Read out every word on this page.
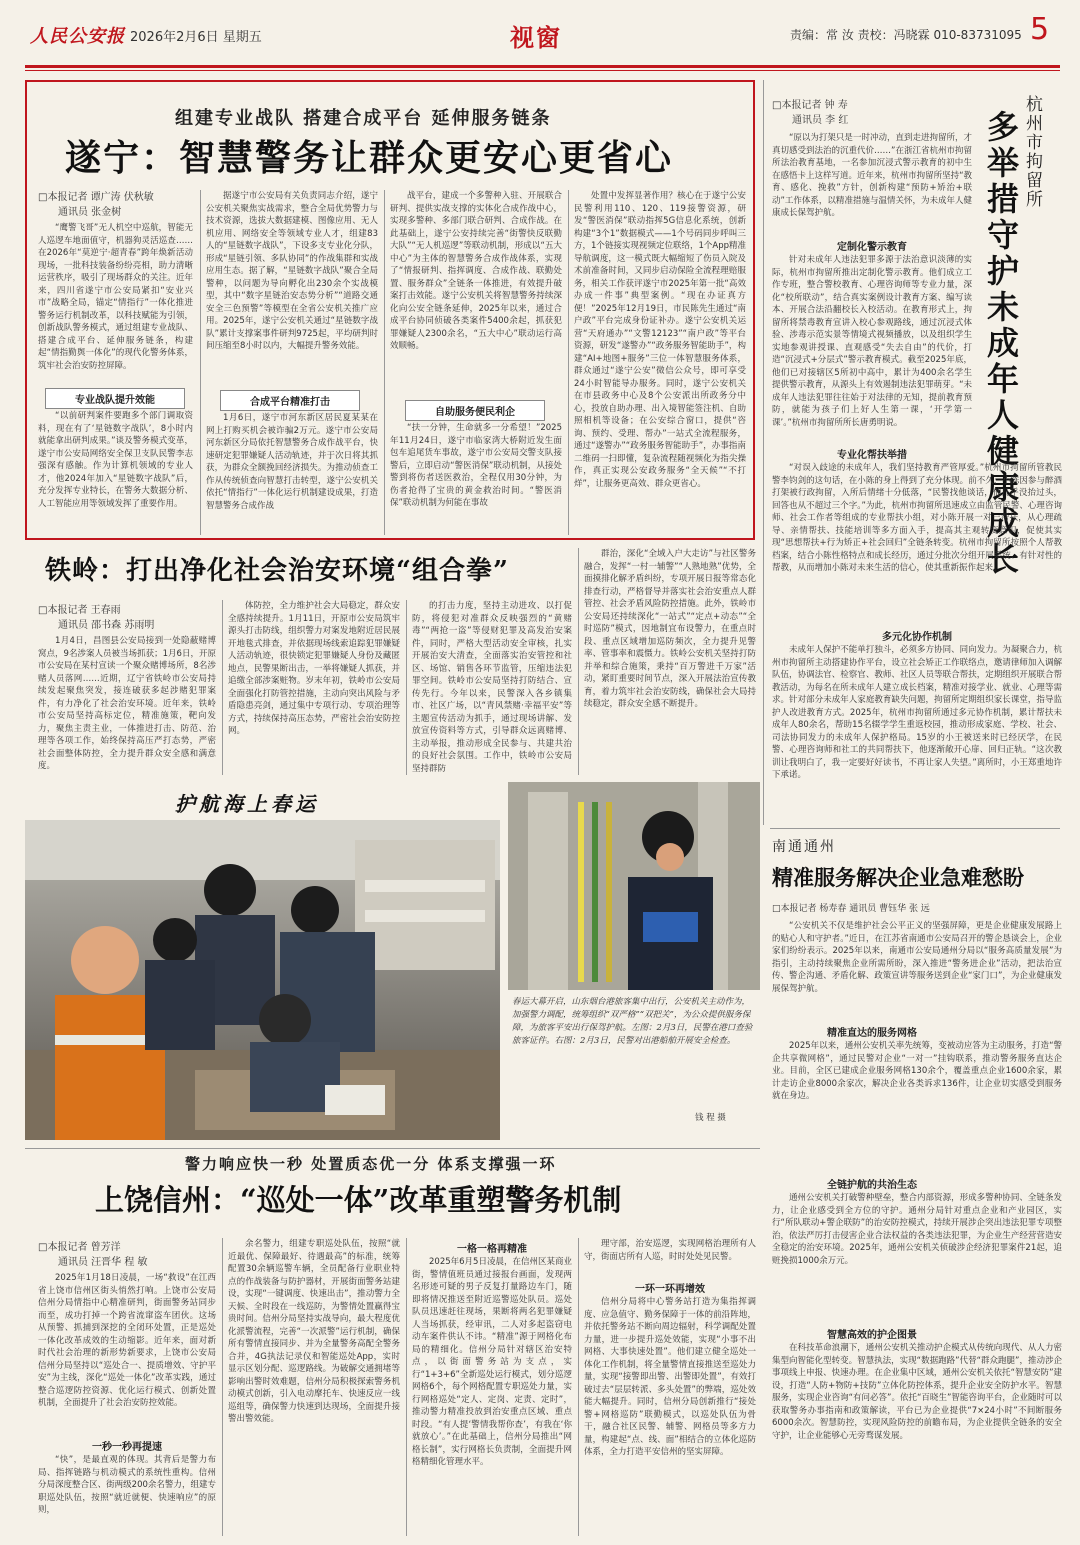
人民公安报 2026年2月6日 星期五	视窗	责编：常 汝 责校：冯晓霖 010-83731095 5
组建专业战队 搭建合成平台 延伸服务链条
遂宁：智慧警务让群众更安心更省心
□本报记者 谭广涛 伏秋敏
通讯员 张金树

“鹰警飞哥”无人机空中巡航，智能无人巡逻车地面值守，机器狗灵活巡查……在2026年“莫逆宁·超青春”跨年焕新活动现场，一批科技装备纷纷亮相，助力清晰运营秩序，吸引了现场群众的关注。近年来，四川省遂宁市公安局紧扣“安业兴市”战略全局，锚定“情指行”一体化推进警务运行机制改革，以科技赋能为引领，创新战队警务模式，通过组建专业战队、搭建合成平台、延伸服务链条，构建起“情指勤舆一体化”的现代化警务体系，筑牢社会治安防控屏障。

专业战队提升效能

“以前研判案件要跑多个部门调取资料，现在有了‘星链数字战队’，8小时内就能拿出研判成果。”谈及警务模式变革，遂宁市公安局网络安全保卫支队民警李志强深有感触。作为计算机领域的专业人才，他2024年加入“星链数字战队”后，充分发挥专业特长，在警务大数据分析、人工智能应用等领域发挥了重要作用。

据遂宁市公安局有关负责同志介绍，遂宁公安机关聚焦实战需求，整合全局优势警力与技术资源，选拔大数据建模、图像应用、无人机应用、网络安全等领域专业人才，组建83人的“星链数字战队”，下设多支专业化分队，形成“星链引领、多队协同”的作战集群和实战应用生态。据了解，“星链数字战队”聚合全局警种，以问题为导向孵化出230余个实战模型，其中“数字星链治安态势分析”“道路交通安全三色预警”等模型在全省公安机关推广应用。2025年，遂宁公安机关通过“星链数字战队”累计支撑案事件研判9725起，平均研判时间压缩至8小时以内，大幅提升警务效能。

合成平台精准打击

1月6日，遂宁市河东新区居民夏某某在网上打购买机会被诈骗2万元。遂宁市公安局河东新区分局依托智慧警务合成作战平台，快速研定犯罪嫌疑人活动轨迹，并于次日将其抓获，为群众全额挽回经济损失。为推动侦查工作从传统侦查向智慧打击转型，遂宁公安机关依托“情指行”一体化运行机制建设成果，打造智慧警务合成作战

战平台，建成一个多警种入驻、开展联合研判、提供实战支撑的实体化合成作战中心，实现多警种、多部门联合研判、合成作战。在此基础上，遂宁公安持续完善“街警快反联勤大队”“无人机巡逻”等联动机制，形成以“五大中心”为主体的智慧警务合成作战体系，实现了“情报研判、指挥调度、合成作战、联勤处置、服务群众”全链条一体推进，有效提升破案打击效能。遂宁公安机关将智慧警务持续深化向公安全链条延伸，2025年以来，通过合成平台协同侦破各类案件5400余起，抓获犯罪嫌疑人2300余名，“五大中心”联动运行高效顺畅。

自助服务便民利企

“扶一分钟，生命就多一分希望！”2025年11月24日，遂宁市临家湾大桥附近发生面包车追尾货车事故，遂宁市公安局交警支队接警后，立即启动“警医消保”联动机制，从接处警到将伤者送医救治，全程仅用30分钟，为伤者抢得了宝贵的黄金救治时间。“警医消保”联动机制为何能在事故

处置中发挥显著作用？核心在于遂宁公安民警利用110、120、119接警资源，研发“警医消保”联动指挥5G信息化系统，创新构建“3个1”数据模式——1个号码同步呼叫三方，1个链接实现视频定位联络，1个App精准导航调度，这一模式既大幅缩短了伤员入院及术前准备时间，又同步启动保险全流程理赔服务，相关工作获评遂宁市2025年第一批“高效办成一件事”典型案例。“现在办证真方便！”2025年12月19日，市民陈先生通过“南户政”平台完成身份证补办。遂宁公安机关运营“天府通办”“文警12123”“南户政”等平台资源，研发“遂警办”“政务服务智能助手”，构建“AI+地图+服务”三位一体智慧服务体系，群众通过“遂宁公安”微信公众号，即可享受24小时智能导办服务。同时，遂宁公安机关在市县政务中心及8个公安派出所政务分中心，投放自助办理、出入境智能签注机、自助照相机等设备；在公安综合窗口，提供“咨询、预约、受理、帮办”一站式全流程服务，通过“遂警办”“政务服务智能助手”，办事指南二维码一扫即懂，复杂流程随视频化为指尖操作，真正实现公安政务服务“全天候”“不打烊”，让服务更高效、群众更省心。

杭州市拘留所
多举措守护未成年人健康成长
□本报记者 钟 寿
通讯员 李 红

“原以为打架只是一时冲动，直到走进拘留所，才真切感受到法治的沉重代价……”在浙江省杭州市拘留所法治教育基地，一名参加沉浸式警示教育的初中生在感悟卡上这样写道。近年来，杭州市拘留所坚持“教育、感化、挽救”方针，创新构建“预防+矫治+联动”工作体系，以精准措施与温情关怀，为未成年人健康成长保驾护航。

定制化警示教育

针对未成年人违法犯罪多源于法治意识淡薄的实际，杭州市拘留所推出定制化警示教育。他们成立工作专班，整合警校教育、心理咨询师等专业力量，深化“校所联动”，结合真实案例设计教育方案、编写读本、开展合法沿翻校长入校活动。在教育形式上，拘留所将禁毒教育宣讲入校心参观路线，通过沉浸式体验、涉毒示范实景等情境式视频播放，以及组织学生实地参观讲授课、直观感受“失去自由”的代价，打造“沉浸式+分层式”警示教育模式。截至2025年底，他们已对接辖区5所初中高中，累计为400余名学生提供警示教育，从源头上有效遏制违法犯罪萌芽。“未成年人违法犯罪往往始于对法律的无知，提前教育预防，就能为孩子们上好人生第一课，‘开学第一课’。”杭州市拘留所所长唐勇明说。

专业化帮扶举措

“对误入歧途的未成年人，我们坚持教育严管厚爱。”杭州市拘留所管教民警李钧剑的这句话，在小陈的身上得到了充分体现。前不久，小陈因参与醉酒打架被行政拘留，入所后情绪十分低落，“民警找他谈话，他几乎没抬过头，回答也从不超过三个字。”为此，杭州市拘留所迅速成立由监管民警、心理咨询师、社会工作者等组成的专业帮扶小组，对小陈开展一对一帮扶，从心理疏导、亲情帮扶、技能培训等多方面入手，提高其主观转变意识，促使其实现“思想帮扶+行为矫正+社会回归”全链条转变。杭州市拘留所按照个人帮教档案，结合小陈性格特点和成长经历，通过分批次分组开展系统、有针对性的帮教，从而增加小陈对未来生活的信心，使其重新振作起来。

多元化协作机制

未成年人保护不能单打独斗，必须多方协同、同向发力。为凝聚合力，杭州市拘留所主动搭建协作平台，设立社会矫正工作联络点，邀请律师加入调解队伍，协调法官、检察官、教师、社区人员等联合帮扶，定期组织开展联合帮教活动，为每名在所未成年人建立成长档案，精准对接学业、就业、心理等需求。针对部分未成年人家庭教育缺失问题，拘留所定期组织家长课堂，指导监护人改进教育方式。2025年，杭州市拘留所通过多元协作机制，累计帮扶未成年人80余名，帮助15名辍学学生重返校园，推动形成家庭、学校、社会、司法协同发力的未成年人保护格局。15岁的小王被送来时已经厌学，在民警、心理咨询师和社工的共同帮扶下，他逐渐敞开心扉、回归正轨。“这次教训让我明白了，我一定要好好读书，不再让家人失望。”离所时，小王郑重地许下承诺。

铁岭：打出净化社会治安环境“组合拳”
□本报记者 王春雨
通讯员 邵书森 苏雨明

1月4日，昌图县公安局接到一处隐蔽赌博窝点，9名涉案人员被当场抓获；1月6日，开原市公安局在某村宣读一个聚众赌博场所，8名涉赌人员落网……近期，辽宁省铁岭市公安局持续发起聚焦突发，接连破获多起涉赌犯罪案件，有力净化了社会治安环境。近年来，铁岭市公安局坚持高标定位，精准施策，靶向发力，聚焦主责主业，一体推进打击、防范、治理等各项工作，始终保持高压严打态势，严密社会面整体防控，全力提升群众安全感和满意度。

体防控，全力维护社会大局稳定，群众安全感持续提升。1月11日，开原市公安局筑牢源头打击防线，组织警力对案发地附近居民展开地毯式排查，并依据现场线索追踪犯罪嫌疑人活动轨迹，很快锁定犯罪嫌疑人身份及藏匿地点，民警果断出击，一举将嫌疑人抓获，并追缴全部涉案赃物。岁末年初，铁岭市公安局全面强化打防管控措施，主动向突出风险与矛盾隐患亮剑，通过集中专项行动、专项治理等方式，持续保持高压态势，严密社会治安防控网。

的打击力度，坚持主动进攻、以打促防，将侵犯对准群众反映强烈的“黄赌毒”“两抢一盗”等侵财犯罪及高发治安案件，同时，严格大型活动安全审核，扎实开展治安大清查，全面落实治安管控和社区、场馆、销售各环节监管，压缩违法犯罪空间。铁岭市公安局坚持打防结合、宣传先行。今年以来，民警深入各乡镇集市、社区广场，以“青风禁赌·幸福平安”等主题宣传活动为抓手，通过现场讲解、发放宣传资料等方式，引导群众远离赌博、主动举报，推动形成全民参与、共建共治的良好社会氛围。工作中，铁岭市公安局坚持群防

群治，深化“全域入户大走访”与社区警务融合，发挥“一村一辅警”“人熟地熟”优势，全面摸排化解矛盾纠纷，专项开展日报等常态化排查行动，严格督导并落实社会治安重点人群管控、社会矛盾风险防控措施。此外，铁岭市公安局还持续深化“一站式”“定点+动态”“全时巡防”模式，因地制宜布设警力，在重点时段、重点区域增加巡防频次，全力提升见警率、管事率和震慑力。铁岭公安机关坚持打防并举和综合施策，秉持“百万警进千万家”活动，紧盯重要时间节点，深入开展法治宣传教育，着力筑牢社会治安防线，确保社会大局持续稳定，群众安全感不断提升。

护航海上春运
春运大幕开启，山东烟台港旅客集中出行，公安机关主动作为，加强警力调配，统筹组织“双严格”“双把关”，为公众提供服务保障，为旅客平安出行保驾护航。左图：2月3日，民警在港口查验旅客证件。右图：2月3日，民警对出港船舶开展安全检查。
钱 程 摄
南通通州
精准服务解决企业急难愁盼
□本报记者 杨寿春 通讯员 曹钰华 张 远

“公安机关不仅是维护社会公平正义的坚强屏障，更是企业健康发展路上的贴心人和守护者。”近日，在江苏省南通市公安局召开的警企恳谈会上，企业家们纷纷表示。2025年以来，南通市公安局通州分局以“服务高质量发展”为指引，主动持续聚焦企业所需所盼，深入推进“警务进企业”活动，把法治宣传、警企沟通、矛盾化解、政策宣讲等服务送到企业“家门口”，为企业健康发展保驾护航。

精准直达的服务网格

2025年以来，通州公安机关率先统筹，变被动应答为主动服务，打造“警企共享微网格”，通过民警对企业“一对一”挂钩联系，推动警务服务直达企业。目前，全区已建成企业服务网格130余个，覆盖重点企业1600余家，累计走访企业8000余家次，解决企业各类诉求136件，让企业切实感受到服务就在身边。

全链护航的共治生态

通州公安机关打破警种壁垒，整合内部资源，形成多警种协同、全链条发力，让企业感受到全方位的守护。通州分局针对重点企业和产业园区，实行“所队联动+警企联防”的治安防控模式，持续开展涉企突出违法犯罪专项整治，依法严厉打击侵害企业合法权益的各类违法犯罪，为企业生产经营营造安全稳定的治安环境。2025年，通州公安机关侦破涉企经济犯罪案件21起，追赃挽损1000余万元。

智慧高效的护企图景

在科技革命浪潮下，通州公安机关推动护企模式从传统向现代、从人力密集型向智能化型转变。智慧执法，实现“数据跑路”代替“群众跑腿”，推动涉企事项线上申报、快速办理。在企业集中区域，通州公安机关依托“智慧安防”建设，打造“人防+物防+技防”立体化防控体系，提升企业安全防护水平。智慧服务，实现企业咨询“有问必答”。依托“百晓生”智能咨询平台，企业随时可以获取警务办事指南和政策解读，平台已为企业提供“7×24小时”不间断服务6000余次。智慧防控，实现风险防控的前瞻布局，为企业提供全链条的安全守护，让企业能够心无旁骛谋发展。

警力响应快一秒 处置质态优一分 体系支撑强一环
上饶信州：“巡处一体”改革重塑警务机制
□本报记者 曾芳洋
通讯员 汪晋华 程 敏

2025年1月18日凌晨，一场“救设”在江西省上饶市信州区街头悄然打响。上饶市公安局信州分局情指中心精准研判，街面警务站同步而至，成功打掉一个跨省流窜盗车团伙。这场从预警、抓捕到深挖的全闭环处置，正是巡处一体化改革成效的生动缩影。近年来，面对新时代社会治理的新形势新要求，上饶市公安局信州分局坚持以“巡处合一、提质增效、守护平安”为主线，深化“巡处一体化”改革实践，通过整合巡逻防控资源、优化运行模式、创新处置机制，全面提升了社会治安防控效能。

一秒一秒再提速

“快”，是最直观的体现。其背后是警力布局、指挥链路与机动模式的系统性重构。信州分局深度整合区、街两级200余名警力，组建专职巡处队伍，按照“就近就便、快速响应”的原则，

余名警力，组建专职巡处队伍，按照“就近最优、保障最好、待遇最高”的标准，统筹配置30余辆巡警车辆，全员配备行业职业特点的作战装备与防护器材，开展街面警务站建设，实现“一键调度、快速出击”，推动警力全天候、全时段在一线巡防，为警情处置赢得宝贵时间。信州分局坚持实战导向，最大程度优化派警流程，完善“一次派警”运行机制，确保所有警情直接同步、并为全量警务高配全警务合并，4G执法记录仪和智能巡处App，实时显示区划分配、巡逻路线。为破解交通拥堵等影响出警时效难题，信州分局积极探索警务机动模式创新，引入电动摩托车、快速反应一线巡组等，确保警力快速到达现场，全面提升接警出警效能。

一格一格再精准

2025年6月5日凌晨，在信州区某商业街，警情值班员通过接报台画面，发现两名形迹可疑的男子反复打量路边车门，随即将情况推送至附近巡警巡处队员。巡处队员迅速赶往现场，果断将两名犯罪嫌疑人当场抓获，经审讯，二人对多起盗窃电动车案件供认不讳。“精准”源于网格化布局的精细化。信州分局针对辖区治安特点，以街面警务站为支点，实行“1+3+6”全新巡处运行模式，划分巡逻网格6个，每个网格配置专职巡处力量，实行网格巡处“定人、定岗、定责、定时”，推动警力精准投放到治安重点区域、重点时段。“有人提‘警情我帮你查’，有我在‘你就放心’。”在此基础上，信州分局推出“网格长制”，实行网格长负责制，全面提升网格精细化管理水平。

理守部，治安巡逻，实现网格治理所有人守，街面店所有人巡，时时处处见民警。

一环一环再增效

信州分局将中心警务站打造为集指挥调度、应急值守、勤务保障于一体的前沿阵地，并依托警务站不断向周边辐射，科学调配处置力量，进一步提升巡处效能，实现“小事不出网格、大事快速处置”。他们建立健全巡处一体化工作机制，将全量警情直接推送至巡处力量，实现“接警即出警、出警即处置”，有效打破过去“层层转派、多头处置”的弊端，巡处效能大幅提升。同时，信州分局创新推行“接处警+网格巡防”联勤模式，以巡处队伍为骨干，融合社区民警、辅警、网格员等多方力量，构建起“点、线、面”相结合的立体化巡防体系，全力打造平安信州的坚实屏障。
